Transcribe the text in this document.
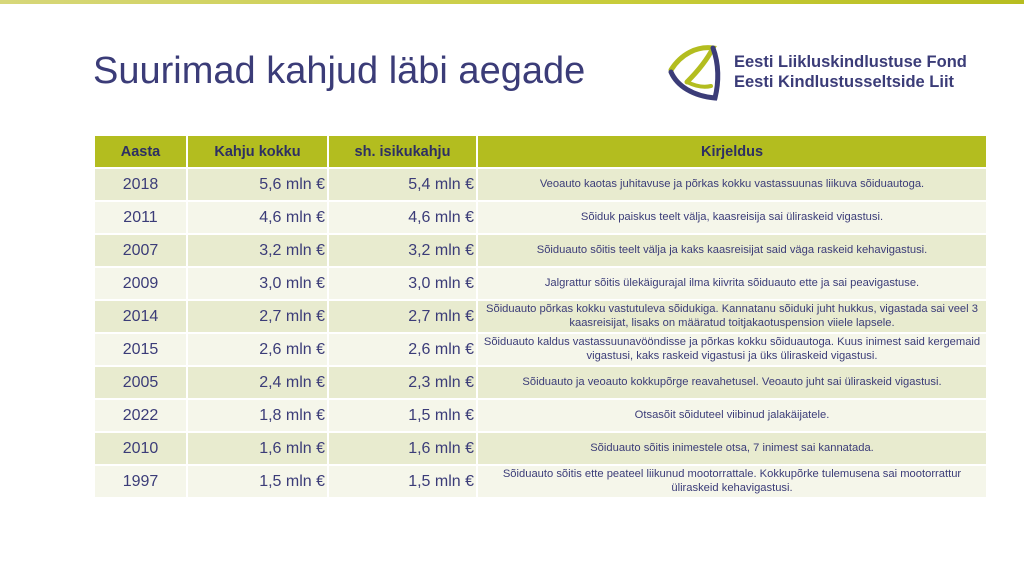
Suurimad kahjud läbi aegade	Eesti Liikluskindlustuse Fond
Eesti Kindlustusseltside Liit
Aasta	Kahju kokku	sh. isikukahju	Kirjeldus
2018	5,6 mln €	5,4 mln €	Veoauto kaotas juhitavuse ja põrkas kokku vastassuunas liikuva sõiduautoga.
2011	4,6 mln €	4,6 mln €	Sõiduk paiskus teelt välja, kaasreisija sai üliraskeid vigastusi.
2007	3,2 mln €	3,2 mln €	Sõiduauto sõitis teelt välja ja kaks kaasreisijat said väga raskeid kehavigastusi.
2009	3,0 mln €	3,0 mln €	Jalgrattur sõitis ülekäigurajal ilma kiivrita sõiduauto ette ja sai peavigastuse.
2014	2,7 mln €	2,7 mln €	Sõiduauto põrkas kokku vastutuleva sõidukiga. Kannatanu sõiduki juht hukkus, vigastada sai veel 3 kaasreisijat, lisaks on määratud toitjakaotuspension viiele lapsele.
2015	2,6 mln €	2,6 mln €	Sõiduauto kaldus vastassuunavööndisse ja põrkas kokku sõiduautoga. Kuus inimest said kergemaid vigastusi, kaks raskeid vigastusi ja üks üliraskeid vigastusi.
2005	2,4 mln €	2,3 mln €	Sõiduauto ja veoauto kokkupõrge reavahetusel. Veoauto juht sai üliraskeid vigastusi.
2022	1,8 mln €	1,5 mln €	Otsasõit sõiduteel viibinud jalakäijatele.
2010	1,6 mln €	1,6 mln €	Sõiduauto sõitis inimestele otsa, 7 inimest sai kannatada.
1997	1,5 mln €	1,5 mln €	Sõiduauto sõitis ette peateel liikunud mootorrattale. Kokkupõrke tulemusena sai mootorrattur üliraskeid kehavigastusi.
